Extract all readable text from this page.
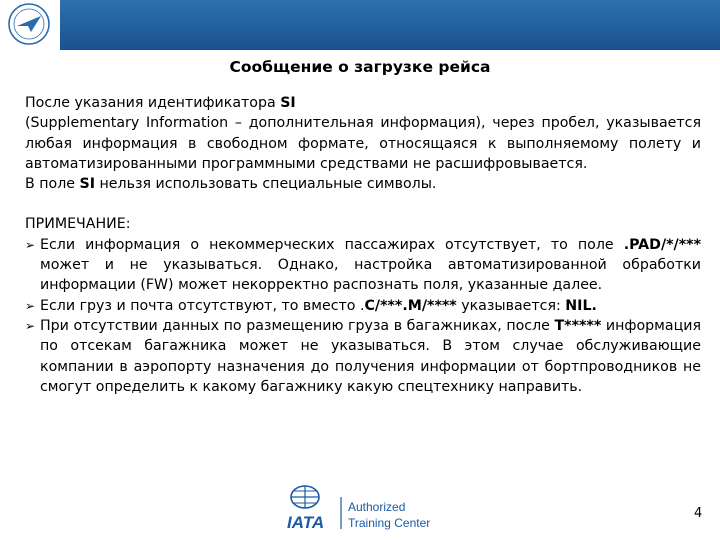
Сообщение о загрузке рейса

После указания идентификатора SI

(Supplementary Information – дополнительная информация), через пробел, указывается любая информация в свободном формате, относящаяся к выполняемому полету и автоматизированными программными средствами не расшифровывается.

В поле SI нельзя использовать специальные символы.

ПРИМЕЧАНИЕ:

➢ Если информация о некоммерческих пассажирах отсутствует, то поле .PAD/*/*** может и не указываться. Однако, настройка автоматизированной обработки информации (FW) может некорректно распознать поля, указанные далее.

➢ Если груз и почта отсутствуют, то вместо .C/***.M/**** указывается: NIL.

➢ При отсутствии данных по размещению груза в багажниках, после T***** информация по отсекам багажника может не указываться. В этом случае обслуживающие компании в аэропорту назначения до получения информации от бортпроводников не смогут определить к какому багажнику какую спецтехнику направить.

IATA
Authorized
Training Center
4
